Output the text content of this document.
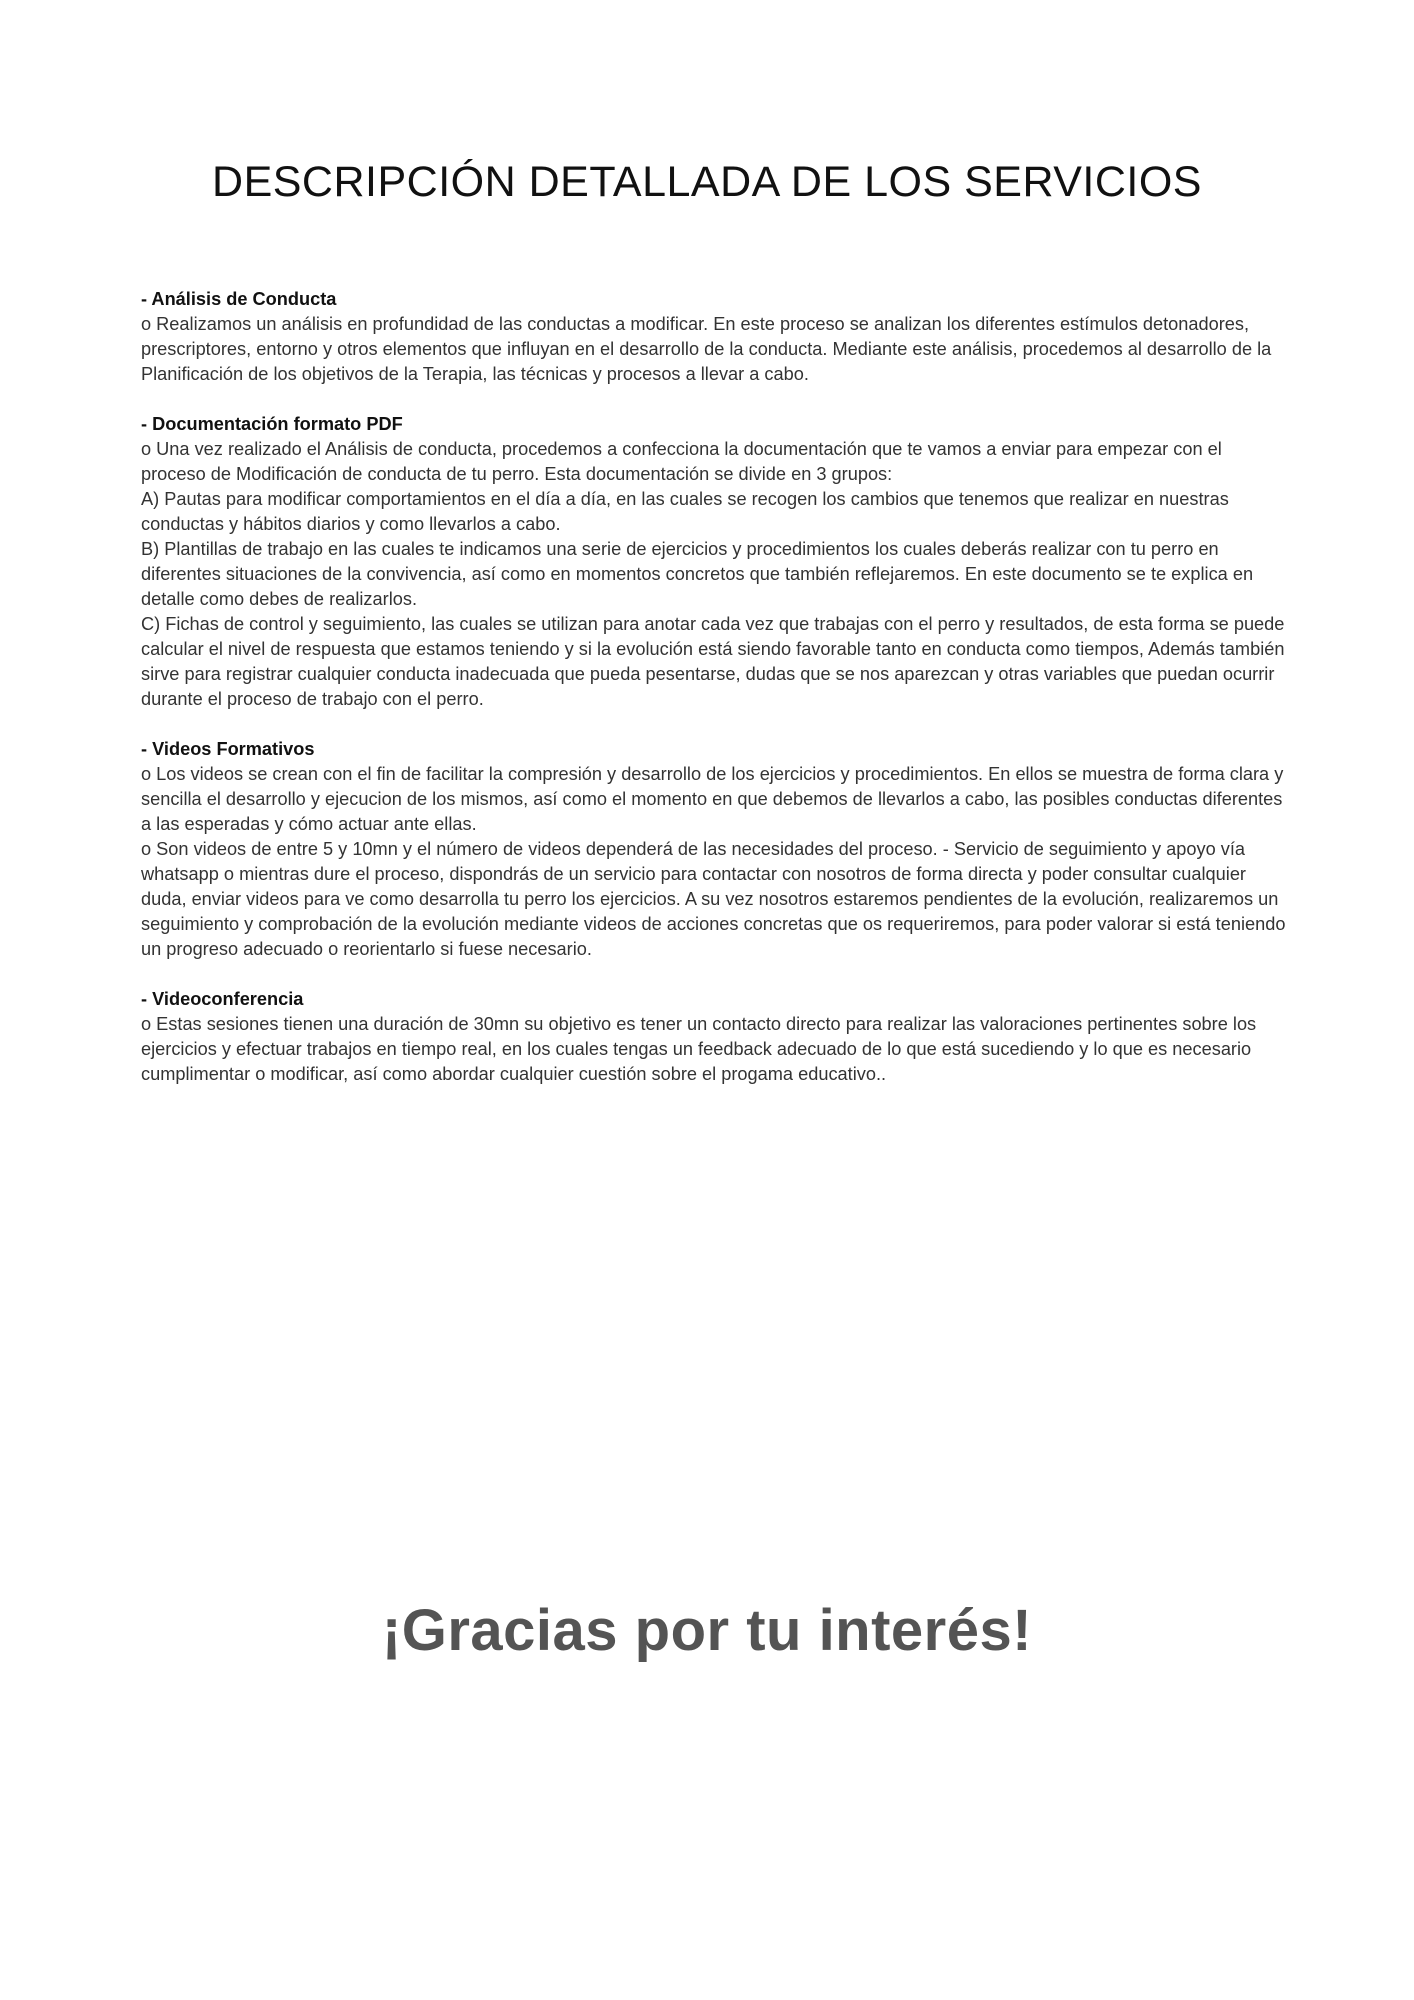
DESCRIPCIÓN DETALLADA DE LOS SERVICIOS

- Análisis de Conducta

o Realizamos un análisis en profundidad de las conductas a modificar. En este proceso se analizan los diferentes estímulos detonadores, prescriptores, entorno y otros elementos que influyan en el desarrollo de la conducta. Mediante este análisis, procedemos al desarrollo de la Planificación de los objetivos de la Terapia, las técnicas y procesos a llevar a cabo.

- Documentación formato PDF

o Una vez realizado el Análisis de conducta, procedemos a confecciona la documentación que te vamos a enviar para empezar con el proceso de Modificación de conducta de tu perro. Esta documentación se divide en 3 grupos:

A) Pautas para modificar comportamientos en el día a día, en las cuales se recogen los cambios que tenemos que realizar en nuestras conductas y hábitos diarios y como llevarlos a cabo.

B) Plantillas de trabajo en las cuales te indicamos una serie de ejercicios y procedimientos los cuales deberás realizar con tu perro en diferentes situaciones de la convivencia, así como en momentos concretos que también reflejaremos. En este documento se te explica en detalle como debes de realizarlos.

C) Fichas de control y seguimiento, las cuales se utilizan para anotar cada vez que trabajas con el perro y resultados, de esta forma se puede calcular el nivel de respuesta que estamos teniendo y si la evolución está siendo favorable tanto en conducta como tiempos, Además también sirve para registrar cualquier conducta inadecuada que pueda pesentarse, dudas que se nos aparezcan y otras variables que puedan ocurrir durante el proceso de trabajo con el perro.

- Videos Formativos

o Los videos se crean con el fin de facilitar la compresión y desarrollo de los ejercicios y procedimientos. En ellos se muestra de forma clara y sencilla el desarrollo y ejecucion de los mismos, así como el momento en que debemos de llevarlos a cabo, las posibles conductas diferentes a las esperadas y cómo actuar ante ellas.

o Son videos de entre 5 y 10mn y el número de videos dependerá de las necesidades del proceso. - Servicio de seguimiento y apoyo vía whatsapp o mientras dure el proceso, dispondrás de un servicio para contactar con nosotros de forma directa y poder consultar cualquier duda, enviar videos para ve como desarrolla tu perro los ejercicios. A su vez nosotros estaremos pendientes de la evolución, realizaremos un seguimiento y comprobación de la evolución mediante videos de acciones concretas que os requeriremos, para poder valorar si está teniendo un progreso adecuado o reorientarlo si fuese necesario.

- Videoconferencia

o Estas sesiones tienen una duración de 30mn su objetivo es tener un contacto directo para realizar las valoraciones pertinentes sobre los ejercicios y efectuar trabajos en tiempo real, en los cuales tengas un feedback adecuado de lo que está sucediendo y lo que es necesario cumplimentar o modificar, así como abordar cualquier cuestión sobre el progama educativo..

¡Gracias por tu interés!
